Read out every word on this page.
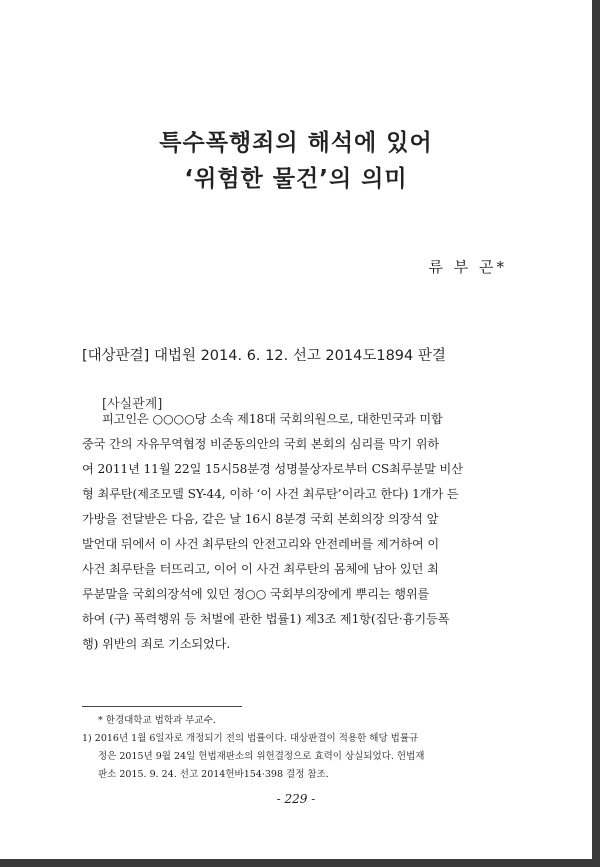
특수폭행죄의 해석에 있어
‘위험한 물건’의 의미
류 부 곤*
[대상판결] 대법원 2014. 6. 12. 선고 2014도1894 판결
[사실관계]
피고인은 ○○○○당 소속 제18대 국회의원으로, 대한민국과 미합
중국 간의 자유무역협정 비준동의안의 국회 본회의 심리를 막기 위하
여 2011년 11월 22일 15시58분경 성명불상자로부터 CS최루분말 비산
형 최루탄(제조모델 SY-44, 이하 ‘이 사건 최루탄’이라고 한다) 1개가 든
가방을 전달받은 다음, 같은 날 16시 8분경 국회 본회의장 의장석 앞
발언대 뒤에서 이 사건 최루탄의 안전고리와 안전레버를 제거하여 이
사건 최루탄을 터뜨리고, 이어 이 사건 최루탄의 몸체에 남아 있던 최
루분말을 국회의장석에 있던 정○○ 국회부의장에게 뿌리는 행위를
하여 (구) 폭력행위 등 처벌에 관한 법률1) 제3조 제1항(집단·흉기등폭
행) 위반의 죄로 기소되었다.
* 한경대학교 법학과 부교수.
1) 2016년 1월 6일자로 개정되기 전의 법률이다. 대상판결이 적용한 해당 법률규
정은 2015년 9월 24일 헌법재판소의 위헌결정으로 효력이 상실되었다. 헌법재
판소 2015. 9. 24. 선고 2014헌바154·398 결정 참조.
- 229 -
